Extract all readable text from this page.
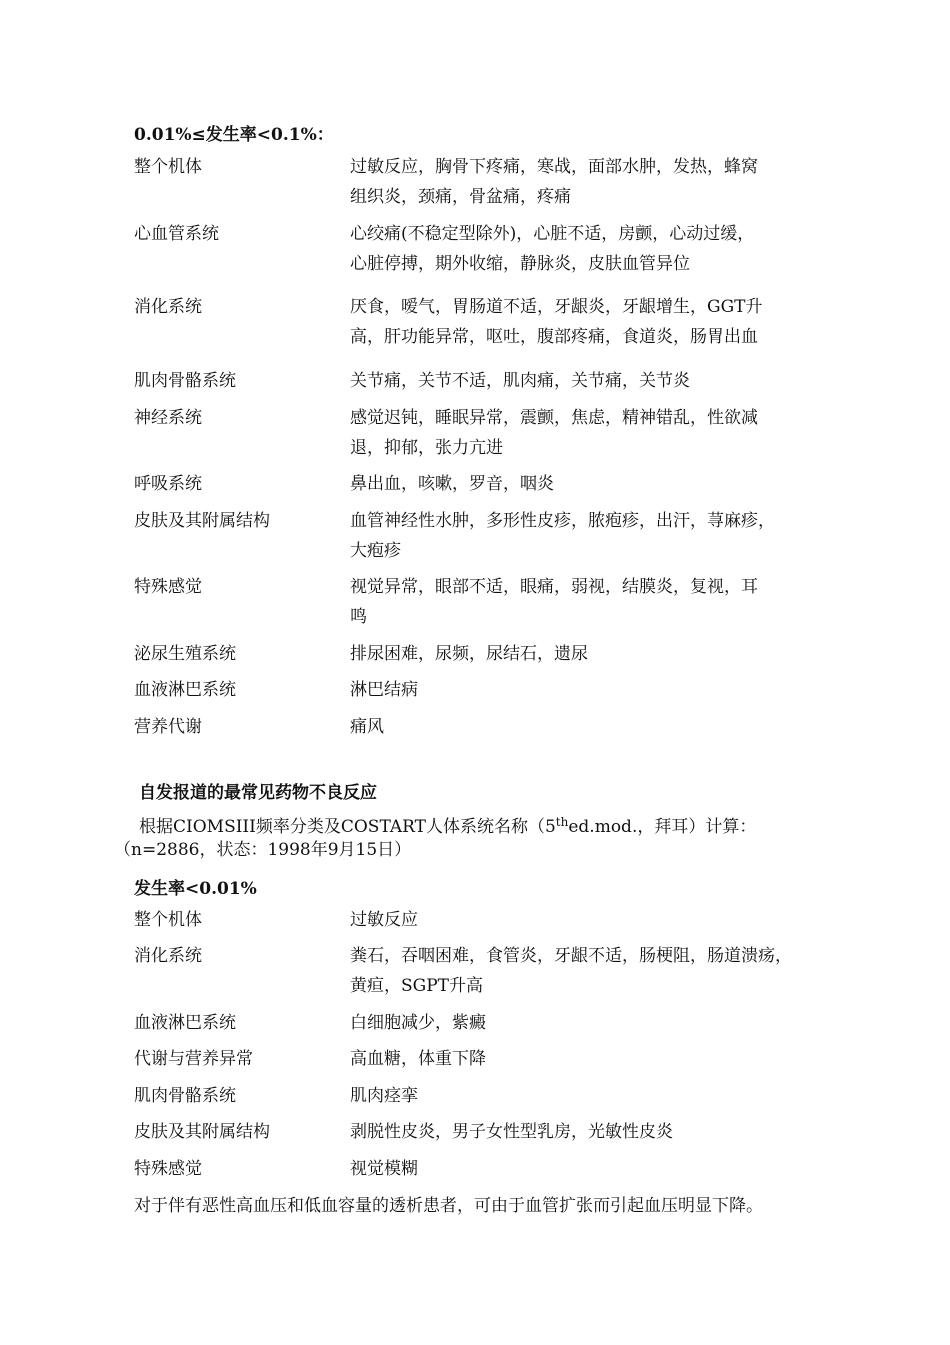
0.01%≤发生率<0.1%：
整个机体	过敏反应，胸骨下疼痛，寒战，面部水肿，发热，蜂窝
组织炎，颈痛，骨盆痛，疼痛
心血管系统	心绞痛(不稳定型除外)，心脏不适，房颤，心动过缓，
心脏停搏，期外收缩，静脉炎，皮肤血管异位
消化系统	厌食，嗳气，胃肠道不适，牙龈炎，牙龈增生，GGT升
高，肝功能异常，呕吐，腹部疼痛，食道炎，肠胃出血
肌肉骨骼系统	关节痛，关节不适，肌肉痛，关节痛，关节炎
神经系统	感觉迟钝，睡眠异常，震颤，焦虑，精神错乱，性欲减
退，抑郁，张力亢进
呼吸系统	鼻出血，咳嗽，罗音，咽炎
皮肤及其附属结构	血管神经性水肿，多形性皮疹，脓疱疹，出汗，荨麻疹，
大疱疹
特殊感觉	视觉异常，眼部不适，眼痛，弱视，结膜炎，复视，耳
鸣
泌尿生殖系统	排尿困难，尿频，尿结石，遗尿
血液淋巴系统	淋巴结病
营养代谢	痛风
自发报道的最常见药物不良反应
根据CIOMSIII频率分类及COSTART人体系统名称（5thed.mod.，拜耳）计算：
（n=2886，状态：1998年9月15日）
发生率<0.01%
整个机体	过敏反应
消化系统	粪石，吞咽困难，食管炎，牙龈不适，肠梗阻，肠道溃疡，
黄疸，SGPT升高
血液淋巴系统	白细胞减少，紫癜
代谢与营养异常	高血糖，体重下降
肌肉骨骼系统	肌肉痉挛
皮肤及其附属结构	剥脱性皮炎，男子女性型乳房，光敏性皮炎
特殊感觉	视觉模糊
对于伴有恶性高血压和低血容量的透析患者，可由于血管扩张而引起血压明显下降。
